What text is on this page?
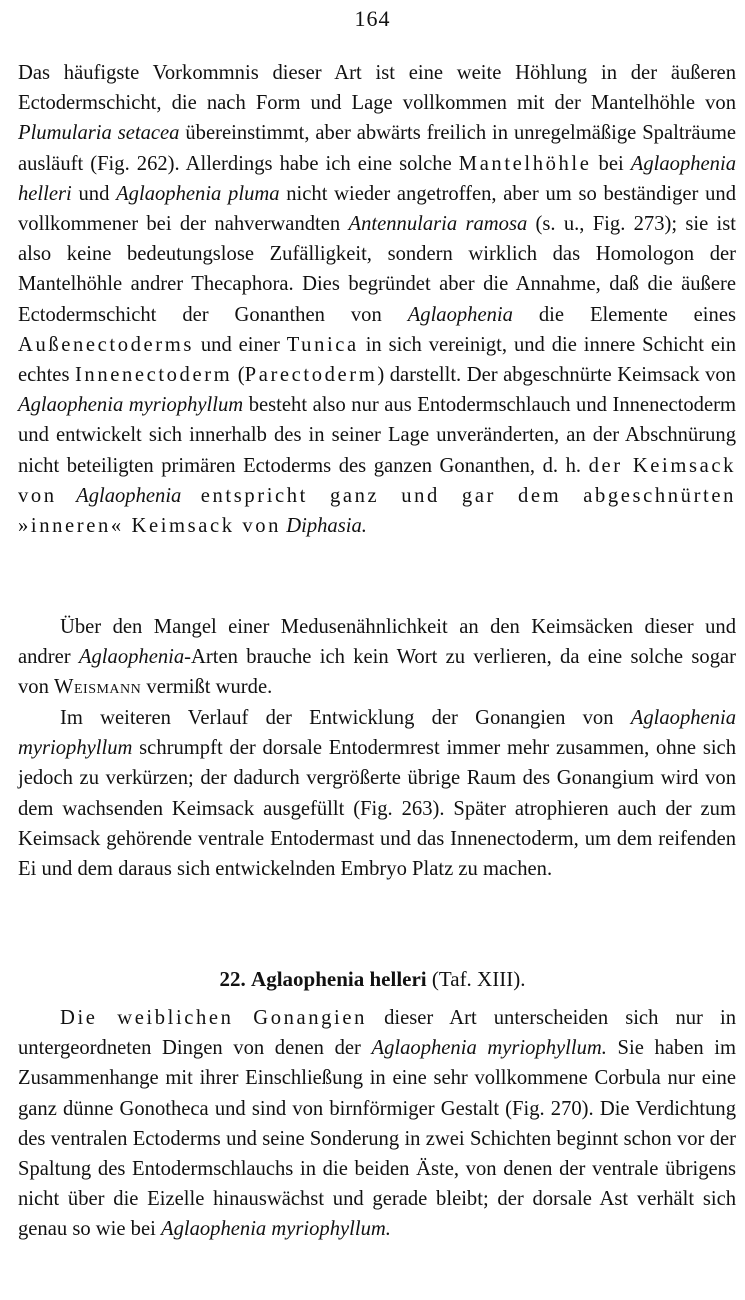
164

Das häufigste Vorkommnis dieser Art ist eine weite Höhlung in der äußeren Ectodermschicht, die nach Form und Lage vollkommen mit der Mantelhöhle von Plumularia setacea übereinstimmt, aber abwärts freilich in unregelmäßige Spalträume ausläuft (Fig. 262). Allerdings habe ich eine solche Mantelhöhle bei Aglaophenia helleri und Aglaophenia pluma nicht wieder angetroffen, aber um so beständiger und vollkommener bei der nahverwandten Antennularia ramosa (s. u., Fig. 273); sie ist also keine bedeutungslose Zufälligkeit, sondern wirklich das Homologon der Mantelhöhle andrer Thecaphora. Dies begründet aber die Annahme, daß die äußere Ectodermschicht der Gonanthen von Aglaophenia die Elemente eines Außenectoderms und einer Tunica in sich vereinigt, und die innere Schicht ein echtes Innenectoderm (Parectoderm) darstellt. Der abgeschnürte Keimsack von Aglaophenia myriophyllum besteht also nur aus Entodermschlauch und Innenectoderm und entwickelt sich innerhalb des in seiner Lage unveränderten, an der Abschnürung nicht beteiligten primären Ectoderms des ganzen Gonanthen, d. h. der Keimsack von Aglaophenia entspricht ganz und gar dem abgeschnürten »inneren« Keimsack von Diphasia.

Über den Mangel einer Medusenähnlichkeit an den Keimsäcken dieser und andrer Aglaophenia-Arten brauche ich kein Wort zu verlieren, da eine solche sogar von Weismann vermißt wurde.

Im weiteren Verlauf der Entwicklung der Gonangien von Aglaophenia myriophyllum schrumpft der dorsale Entodermrest immer mehr zusammen, ohne sich jedoch zu verkürzen; der dadurch vergrößerte übrige Raum des Gonangium wird von dem wachsenden Keimsack ausgefüllt (Fig. 263). Später atrophieren auch der zum Keimsack gehörende ventrale Entodermast und das Innenectoderm, um dem reifenden Ei und dem daraus sich entwickelnden Embryo Platz zu machen.

22. Aglaophenia helleri (Taf. XIII).

Die weiblichen Gonangien dieser Art unterscheiden sich nur in untergeordneten Dingen von denen der Aglaophenia myriophyllum. Sie haben im Zusammenhange mit ihrer Einschließung in eine sehr vollkommene Corbula nur eine ganz dünne Gonotheca und sind von birnförmiger Gestalt (Fig. 270). Die Verdichtung des ventralen Ectoderms und seine Sonderung in zwei Schichten beginnt schon vor der Spaltung des Entodermschlauchs in die beiden Äste, von denen der ventrale übrigens nicht über die Eizelle hinauswächst und gerade bleibt; der dorsale Ast verhält sich genau so wie bei Aglaophenia myriophyllum.
